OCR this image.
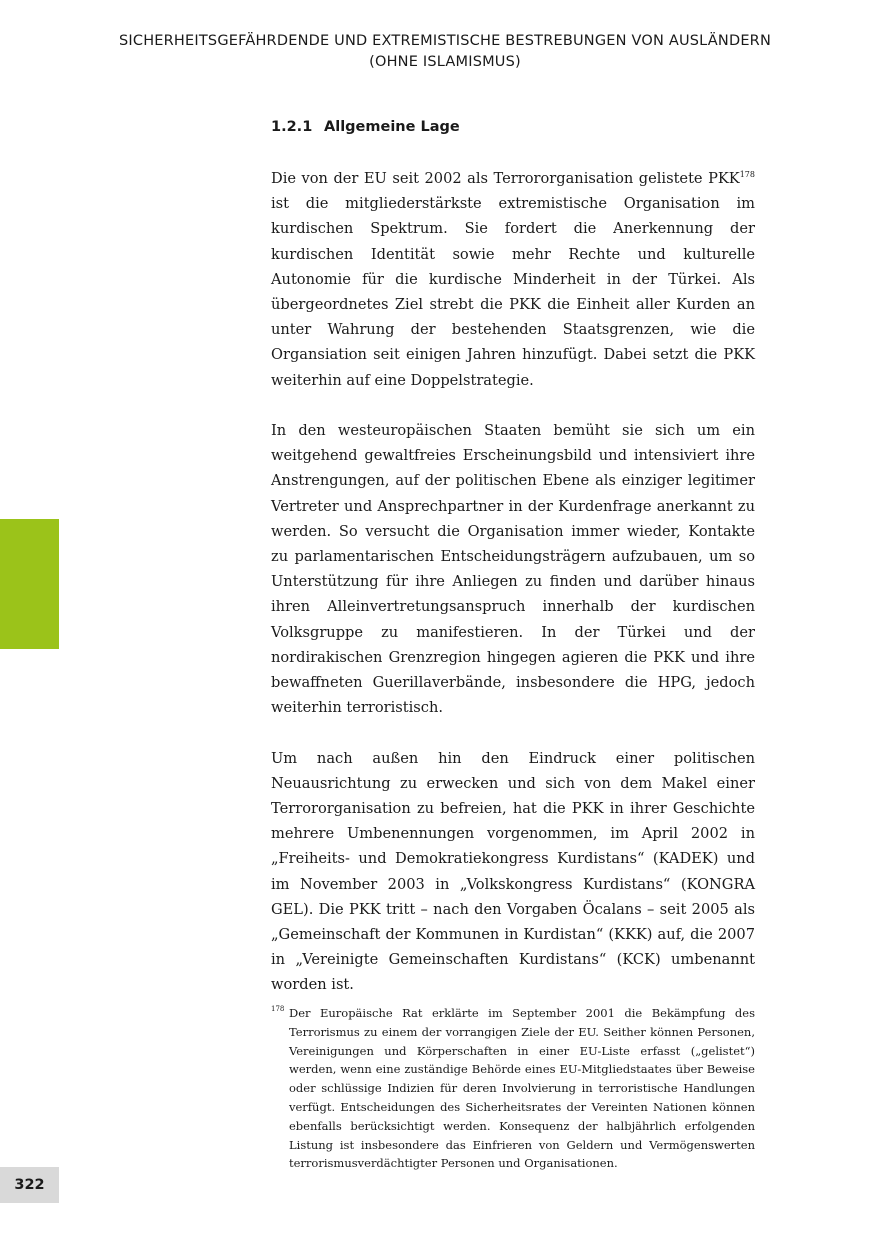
SICHERHEITSGEFÄHRDENDE UND EXTREMISTISCHE BESTREBUNGEN VON AUSLÄNDERN
(OHNE ISLAMISMUS)
1.2.1 Allgemeine Lage

Die von der EU seit 2002 als Terrororganisation gelistete PKK$^{178}$ ist die mitgliederstärkste extremistische Organisation im kurdischen Spektrum. Sie fordert die Anerkennung der kurdischen Identität sowie mehr Rechte und kulturelle Autonomie für die kurdische Minderheit in der Türkei. Als übergeordnetes Ziel strebt die PKK die Einheit aller Kurden an unter Wahrung der bestehenden Staatsgrenzen, wie die Organsiation seit einigen Jahren hinzufügt. Dabei setzt die PKK weiterhin auf eine Doppelstrategie.

In den westeuropäischen Staaten bemüht sie sich um ein weitgehend gewaltfreies Erscheinungsbild und intensiviert ihre Anstrengungen, auf der politischen Ebene als einziger legitimer Vertreter und Ansprechpartner in der Kurdenfrage anerkannt zu werden. So versucht die Organisation immer wieder, Kontakte zu parlamentarischen Entscheidungsträgern aufzubauen, um so Unterstützung für ihre Anliegen zu finden und darüber hinaus ihren Alleinvertretungsanspruch innerhalb der kurdischen Volksgruppe zu manifestieren. In der Türkei und der nordirakischen Grenzregion hingegen agieren die PKK und ihre bewaffneten Guerillaverbände, insbesondere die HPG, jedoch weiterhin terroristisch.

Um nach außen hin den Eindruck einer politischen Neuausrichtung zu erwecken und sich von dem Makel einer Terrororganisation zu befreien, hat die PKK in ihrer Geschichte mehrere Umbenennungen vorgenommen, im April 2002 in „Freiheits- und Demokratiekongress Kurdistans“ (KADEK) und im November 2003 in „Volkskongress Kurdistans“ (KONGRA GEL). Die PKK tritt – nach den Vorgaben Öcalans – seit 2005 als „Gemeinschaft der Kommunen in Kurdistan“ (KKK) auf, die 2007 in „Vereinigte Gemeinschaften Kurdistans“ (KCK) umbenannt worden ist.

178 Der Europäische Rat erklärte im September 2001 die Bekämpfung des Terrorismus zu einem der vorrangigen Ziele der EU. Seither können Personen, Vereinigungen und Körperschaften in einer EU-Liste erfasst („gelistet“) werden, wenn eine zuständige Behörde eines EU-Mitgliedstaates über Beweise oder schlüssige Indizien für deren Involvierung in terroristische Handlungen verfügt. Entscheidungen des Sicherheitsrates der Vereinten Nationen können ebenfalls berücksichtigt werden. Konsequenz der halbjährlich erfolgenden Listung ist insbesondere das Einfrieren von Geldern und Vermögenswerten terrorismusverdächtigter Personen und Organisationen.

322
